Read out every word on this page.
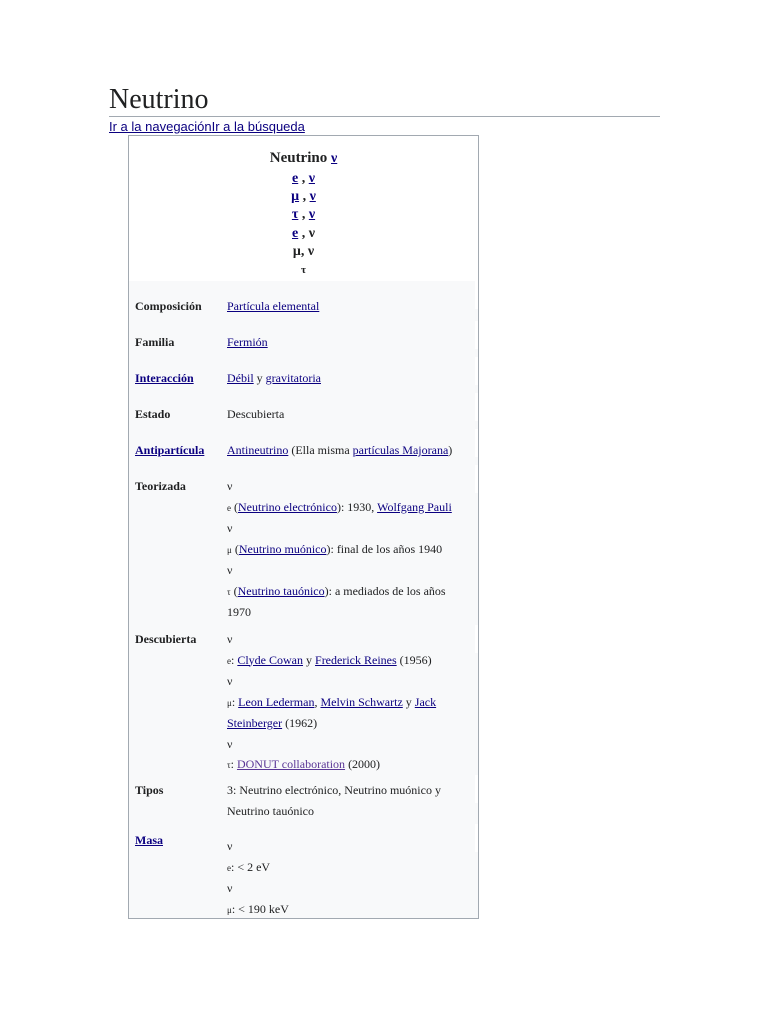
Neutrino
Ir a la navegaciónIr a la búsqueda
Neutrino ν
e , ν
μ , ν
τ , ν
e , ν
μ, ν
τ
Composición Partícula elemental
Familia	Fermión
Interacción	Débil y gravitatoria
Estado	Descubierta
Antipartícula Antineutrino (Ella misma partículas Majorana)
Teorizada	ν
e (Neutrino electrónico): 1930, Wolfgang Pauli
ν
μ (Neutrino muónico): final de los años 1940
ν
τ (Neutrino tauónico): a mediados de los años
1970
Descubierta	ν
e: Clyde Cowan y Frederick Reines (1956)
ν
μ: Leon Lederman, Melvin Schwartz y Jack
Steinberger (1962)
ν
τ: DONUT collaboration (2000)
Tipos	3: Neutrino electrónico, Neutrino muónico y
Neutrino tauónico
Masa	ν
e: < 2 eV
ν
μ: < 190 keV
